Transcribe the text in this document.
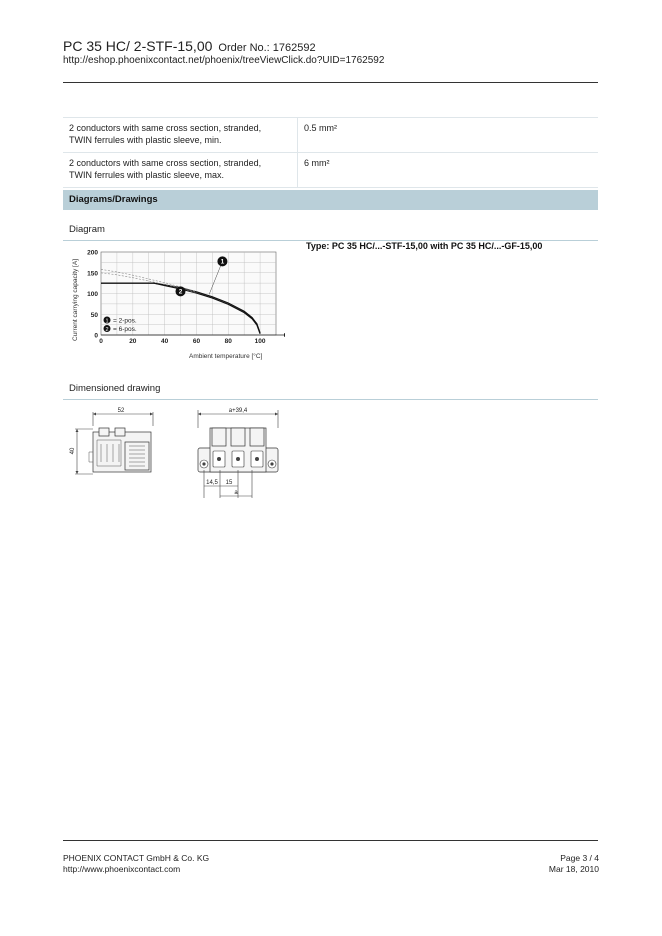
PC 35 HC/ 2-STF-15,00 Order No.: 1762592
http://eshop.phoenixcontact.net/phoenix/treeViewClick.do?UID=1762592
2 conductors with same cross section, stranded,
TWIN ferrules with plastic sleeve, min.	0.5 mm²
2 conductors with same cross section, stranded,
TWIN ferrules with plastic sleeve, max.	6 mm²
Diagrams/Drawings
Diagram
Type: PC 35 HC/...-STF-15,00 with PC 35 HC/...-GF-15,00
1
2
0	20	40	60	80	100
0
50
100
150
200
Current carrying capacity [A]
Ambient temperature [°C]
1 = 2-pos.
2 = 6-pos.
Dimensioned drawing
52
40
a+39,4
14,5 15
a
PHOENIX CONTACT GmbH & Co. KG
http://www.phoenixcontact.com
Page 3 / 4
Mar 18, 2010
